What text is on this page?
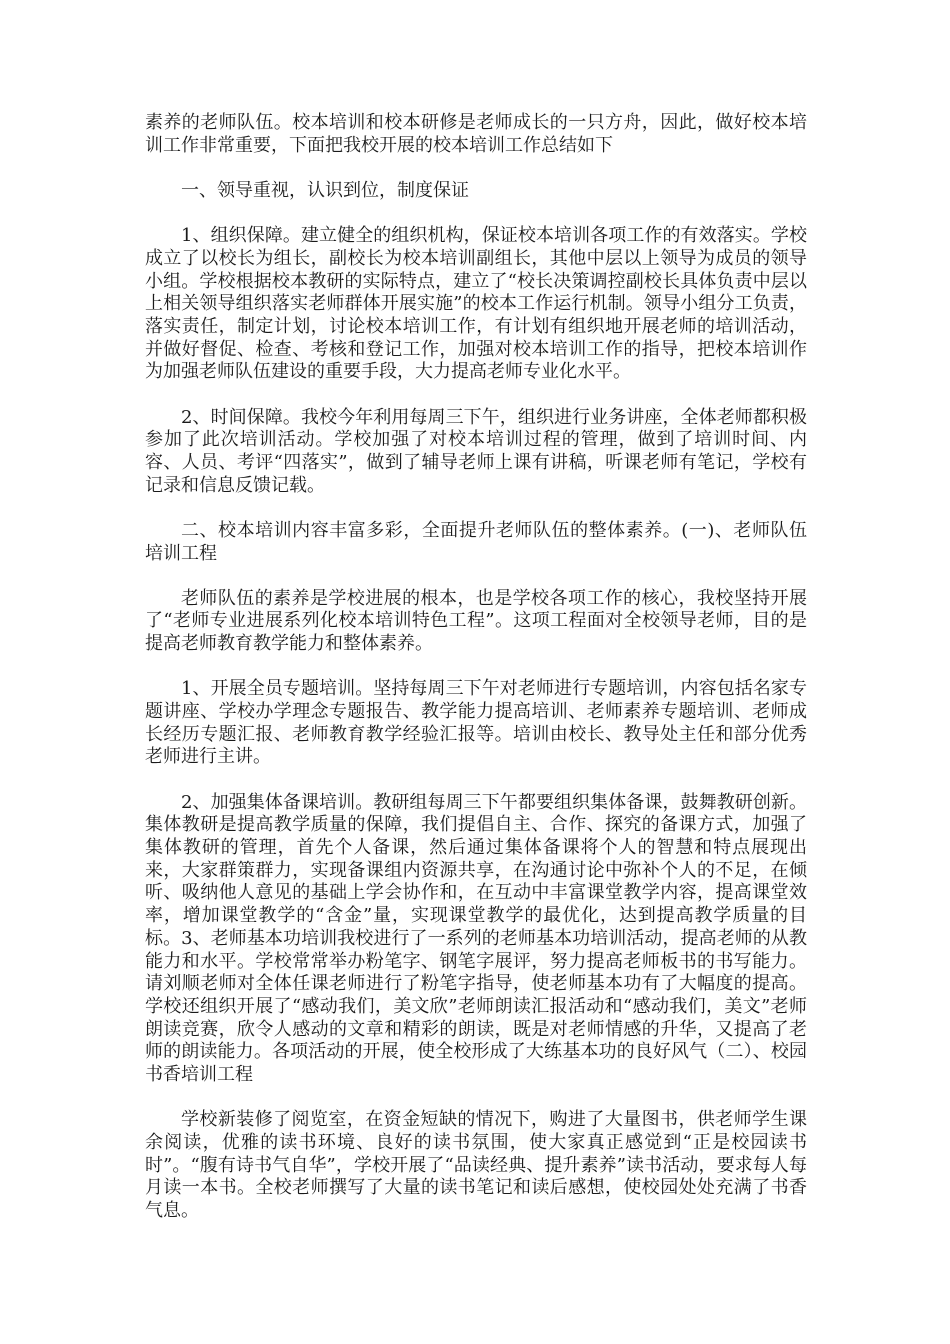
素养的老师队伍。校本培训和校本研修是老师成长的一只方舟，因此，做好校本培训工作非常重要，下面把我校开展的校本培训工作总结如下

一、领导重视，认识到位，制度保证

1、组织保障。建立健全的组织机构，保证校本培训各项工作的有效落实。学校成立了以校长为组长，副校长为校本培训副组长，其他中层以上领导为成员的领导小组。学校根据校本教研的实际特点，建立了“校长决策调控副校长具体负责中层以上相关领导组织落实老师群体开展实施”的校本工作运行机制。领导小组分工负责，落实责任，制定计划，讨论校本培训工作，有计划有组织地开展老师的培训活动，并做好督促、检查、考核和登记工作，加强对校本培训工作的指导，把校本培训作为加强老师队伍建设的重要手段，大力提高老师专业化水平。

2、时间保障。我校今年利用每周三下午，组织进行业务讲座，全体老师都积极参加了此次培训活动。学校加强了对校本培训过程的管理，做到了培训时间、内容、人员、考评“四落实”，做到了辅导老师上课有讲稿，听课老师有笔记，学校有记录和信息反馈记载。

二、校本培训内容丰富多彩，全面提升老师队伍的整体素养。(一)、老师队伍培训工程

老师队伍的素养是学校进展的根本，也是学校各项工作的核心，我校坚持开展了“老师专业进展系列化校本培训特色工程”。这项工程面对全校领导老师，目的是提高老师教育教学能力和整体素养。

1、开展全员专题培训。坚持每周三下午对老师进行专题培训，内容包括名家专题讲座、学校办学理念专题报告、教学能力提高培训、老师素养专题培训、老师成长经历专题汇报、老师教育教学经验汇报等。培训由校长、教导处主任和部分优秀老师进行主讲。

2、加强集体备课培训。教研组每周三下午都要组织集体备课，鼓舞教研创新。集体教研是提高教学质量的保障，我们提倡自主、合作、探究的备课方式，加强了集体教研的管理，首先个人备课，然后通过集体备课将个人的智慧和特点展现出来，大家群策群力，实现备课组内资源共享，在沟通讨论中弥补个人的不足，在倾听、吸纳他人意见的基础上学会协作和，在互动中丰富课堂教学内容，提高课堂效率，增加课堂教学的“含金”量，实现课堂教学的最优化，达到提高教学质量的目标。3、老师基本功培训我校进行了一系列的老师基本功培训活动，提高老师的从教能力和水平。学校常常举办粉笔字、钢笔字展评，努力提高老师板书的书写能力。请刘顺老师对全体任课老师进行了粉笔字指导，使老师基本功有了大幅度的提高。学校还组织开展了“感动我们，美文欣”老师朗读汇报活动和“感动我们，美文”老师朗读竞赛，欣令人感动的文章和精彩的朗读，既是对老师情感的升华，又提高了老师的朗读能力。各项活动的开展，使全校形成了大练基本功的良好风气（二）、校园书香培训工程

学校新装修了阅览室，在资金短缺的情况下，购进了大量图书，供老师学生课余阅读，优雅的读书环境、良好的读书氛围，使大家真正感觉到“正是校园读书时”。“腹有诗书气自华”，学校开展了“品读经典、提升素养”读书活动，要求每人每月读一本书。全校老师撰写了大量的读书笔记和读后感想，使校园处处充满了书香气息。
